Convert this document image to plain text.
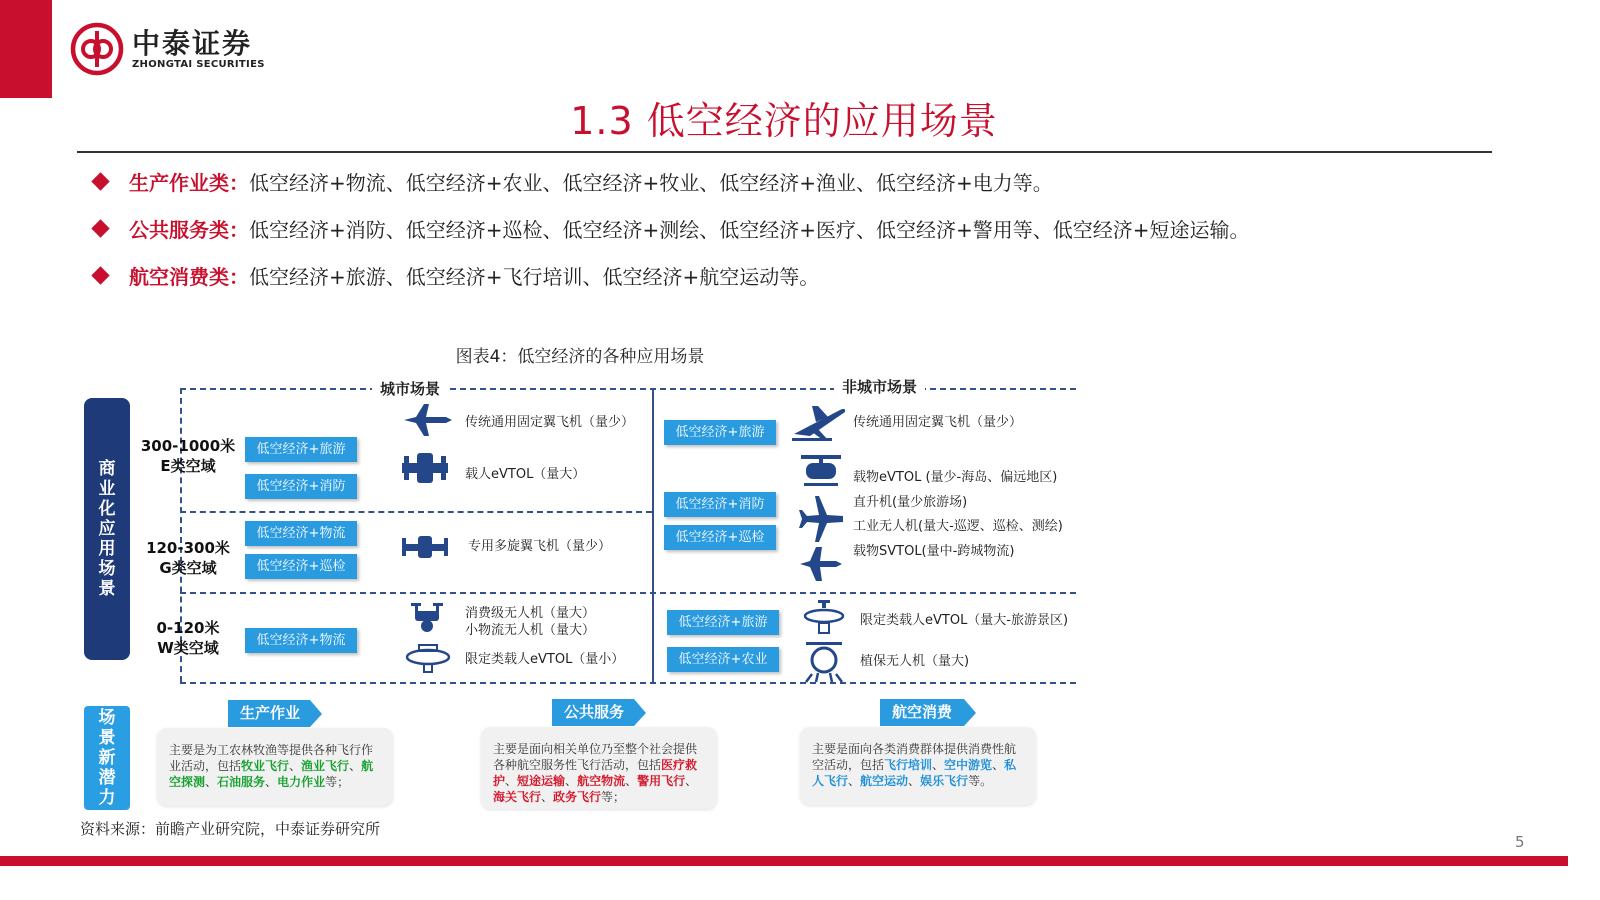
中泰证券
ZHONGTAI SECURITIES
1.3 低空经济的应用场景
生产作业类： 低空经济+物流、低空经济+农业、低空经济+牧业、低空经济+渔业、低空经济+电力等。
公共服务类： 低空经济+消防、低空经济+巡检、低空经济+测绘、低空经济+医疗、低空经济+警用等、低空经济+短途运输。
航空消费类： 低空经济+旅游、低空经济+飞行培训、低空经济+航空运动等。
图表4：低空经济的各种应用场景
城市场景	非城市场景
商
业
化
应
用
场
景
场
景
新
潜
力
300-1000米
E类空域
120-300米
G类空域
0-120米
W类空域
低空经济+旅游
低空经济+消防
低空经济+物流
低空经济+巡检
低空经济+物流
传统通用固定翼飞机（量少）
载人eVTOL（量大）
专用多旋翼飞机（量少）
消费级无人机（量大）
小物流无人机（量大）
限定类载人eVTOL（量小）
低空经济+旅游
低空经济+消防
低空经济+巡检
低空经济+旅游
低空经济+农业
传统通用固定翼飞机（量少）
载物eVTOL (量少-海岛、偏远地区)
直升机(量少旅游场)
工业无人机(量大-巡逻、巡检、测绘)
载物SVTOL(量中-跨城物流)
限定类载人eVTOL（量大-旅游景区)
植保无人机（量大)
生产作业	公共服务	航空消费
主要是为工农林牧渔等提供各种飞行作业活动，包括牧业飞行、渔业飞行、航空探测、石油服务、电力作业等；
主要是面向相关单位乃至整个社会提供各种航空服务性飞行活动，包括医疗救护、短途运输、航空物流、警用飞行、海关飞行、政务飞行等；
主要是面向各类消费群体提供消费性航空活动，包括飞行培训、空中游览、私人飞行、航空运动、娱乐飞行等。
资料来源：前瞻产业研究院，中泰证券研究所
5
